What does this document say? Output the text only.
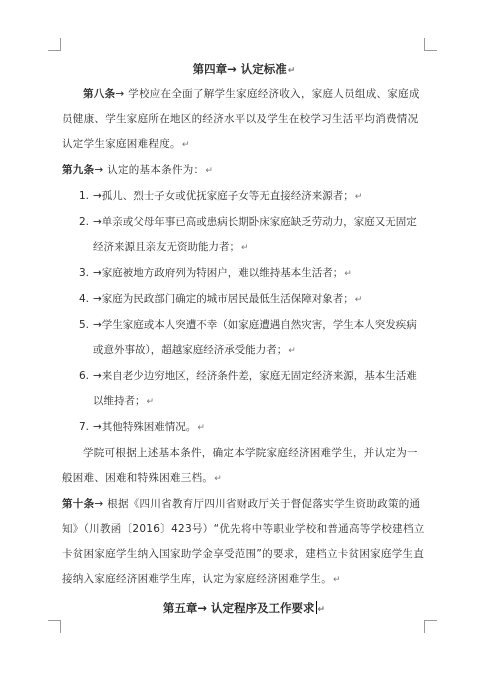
第四章→ 认定标准↵

第八条→ 学校应在全面了解学生家庭经济收入，家庭人员组成、家庭成员健康、学生家庭所在地区的经济水平以及学生在校学习生活平均消费情况认定学生家庭困难程度。↵

第九条→ 认定的基本条件为：↵

1. →孤儿、烈士子女或优抚家庭子女等无直接经济来源者；↵
2. →单亲或父母年事已高或患病长期卧床家庭缺乏劳动力，家庭又无固定经济来源且亲友无资助能力者；↵
3. →家庭被地方政府列为特困户，难以维持基本生活者；↵
4. →家庭为民政部门确定的城市居民最低生活保障对象者；↵
5. →学生家庭或本人突遭不幸（如家庭遭遇自然灾害，学生本人突发疾病或意外事故），超越家庭经济承受能力者；↵
6. →来自老少边穷地区，经济条件差，家庭无固定经济来源，基本生活难以维持者；↵
7. →其他特殊困难情况。↵

学院可根据上述基本条件，确定本学院家庭经济困难学生，并认定为一般困难、困难和特殊困难三档。↵

第十条→ 根据《四川省教育厅四川省财政厅关于督促落实学生资助政策的通知》（川教函〔2016〕423号）“优先将中等职业学校和普通高等学校建档立卡贫困家庭学生纳入国家助学金享受范围”的要求，建档立卡贫困家庭学生直接纳入家庭经济困难学生库，认定为家庭经济困难学生。↵

第五章→ 认定程序及工作要求 ↵
